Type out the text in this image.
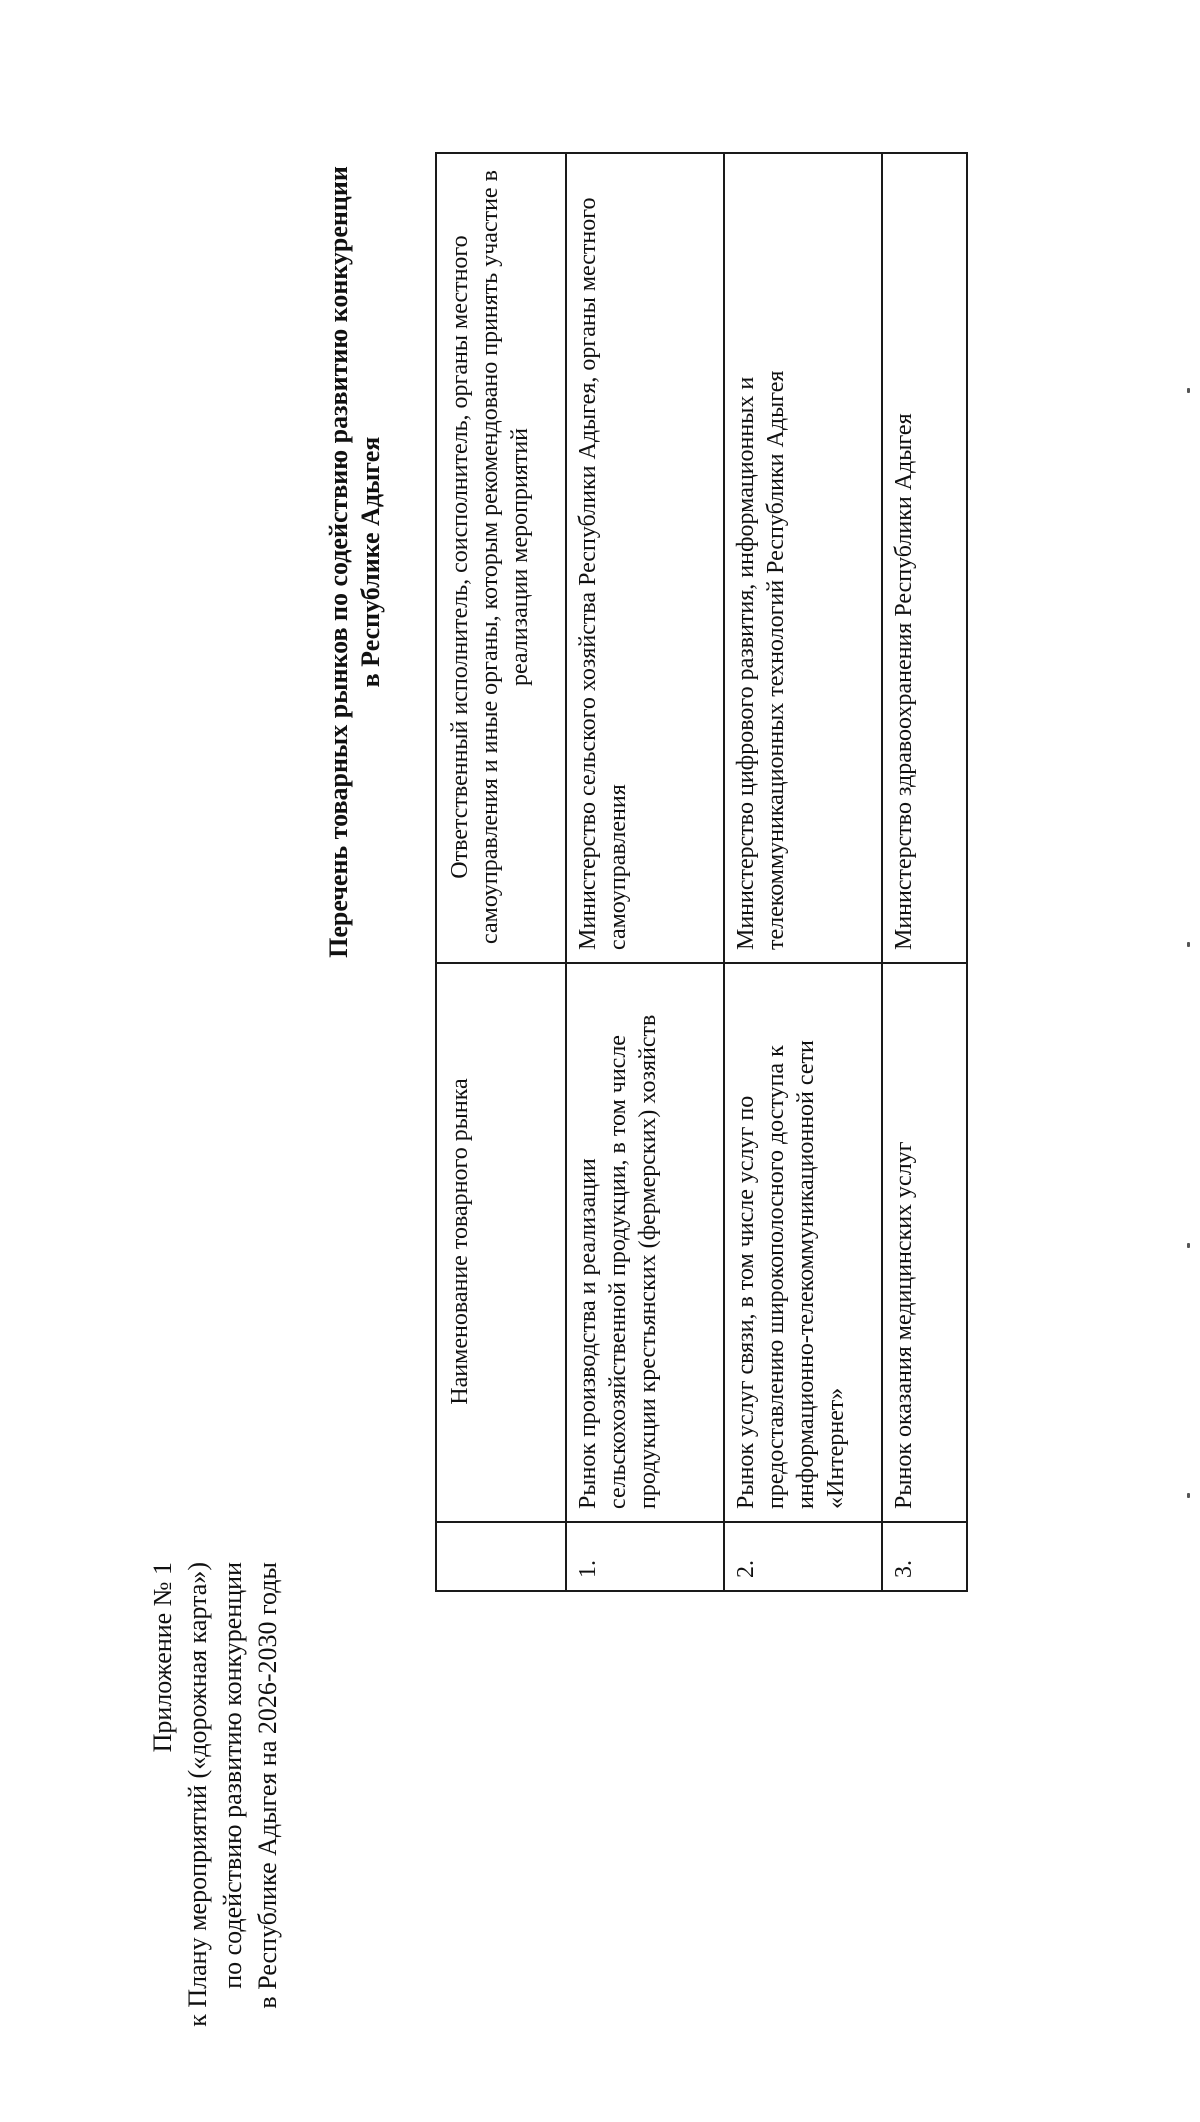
Приложение № 1 к Плану мероприятий («дорожная карта») по содействию развитию конкуренции в Республике Адыгея на 2026-2030 годы
Перечень товарных рынков по содействию развитию конкуренции в Республике Адыгея
	Наименование товарного рынка	Ответственный исполнитель, соисполнитель, органы местного самоуправления и иные органы, которым рекомендовано принять участие в реализации мероприятий
1.	Рынок производства и реализации сельскохозяйственной продукции, в том числе продукции крестьянских (фермерских) хозяйств	Министерство сельского хозяйства Республики Адыгея, органы местного самоуправления
2.	Рынок услуг связи, в том числе услуг по предоставлению широкополосного доступа к информационно-телекоммуникационной сети «Интернет»	Министерство цифрового развития, информационных и телекоммуникационных технологий Республики Адыгея
3.	Рынок оказания медицинских услуг	Министерство здравоохранения Республики Адыгея
